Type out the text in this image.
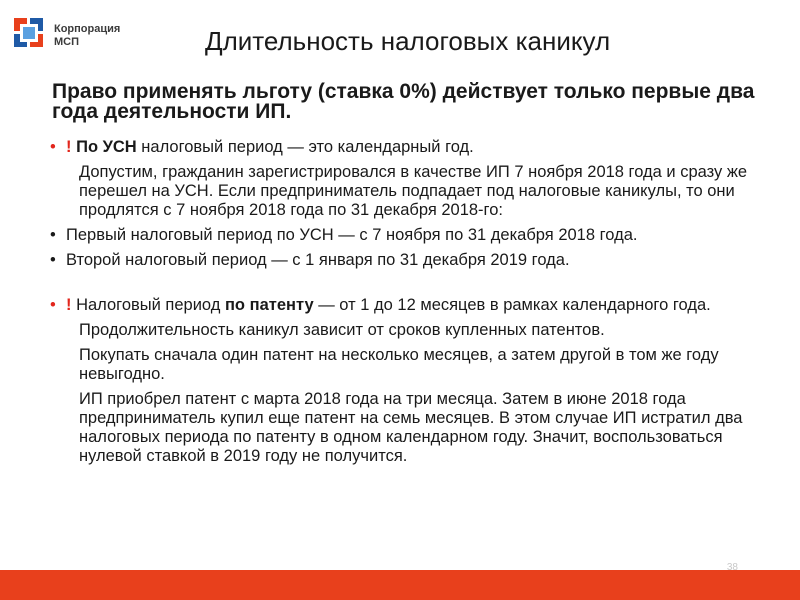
Корпорация
МСП	Длительность налоговых каникул
Право применять льготу (ставка 0%) действует только первые два года деятельности ИП.
• ! По УСН налоговый период — это календарный год.
Допустим, гражданин зарегистрировался в качестве ИП 7 ноября 2018 года и сразу же перешел на УСН. Если предприниматель подпадает под налоговые каникулы, то они продлятся с 7 ноября 2018 года по 31 декабря 2018-го:
• Первый налоговый период по УСН — с 7 ноября по 31 декабря 2018 года.
• Второй налоговый период — с 1 января по 31 декабря 2019 года.
• ! Налоговый период по патенту — от 1 до 12 месяцев в рамках календарного года.
Продолжительность каникул зависит от сроков купленных патентов.
Покупать сначала один патент на несколько месяцев, а затем другой в том же году невыгодно.
ИП приобрел патент с марта 2018 года на три месяца. Затем в июне 2018 года предприниматель купил еще патент на семь месяцев. В этом случае ИП истратил два налоговых периода по патенту в одном календарном году. Значит, воспользоваться нулевой ставкой в 2019 году не получится.
38
